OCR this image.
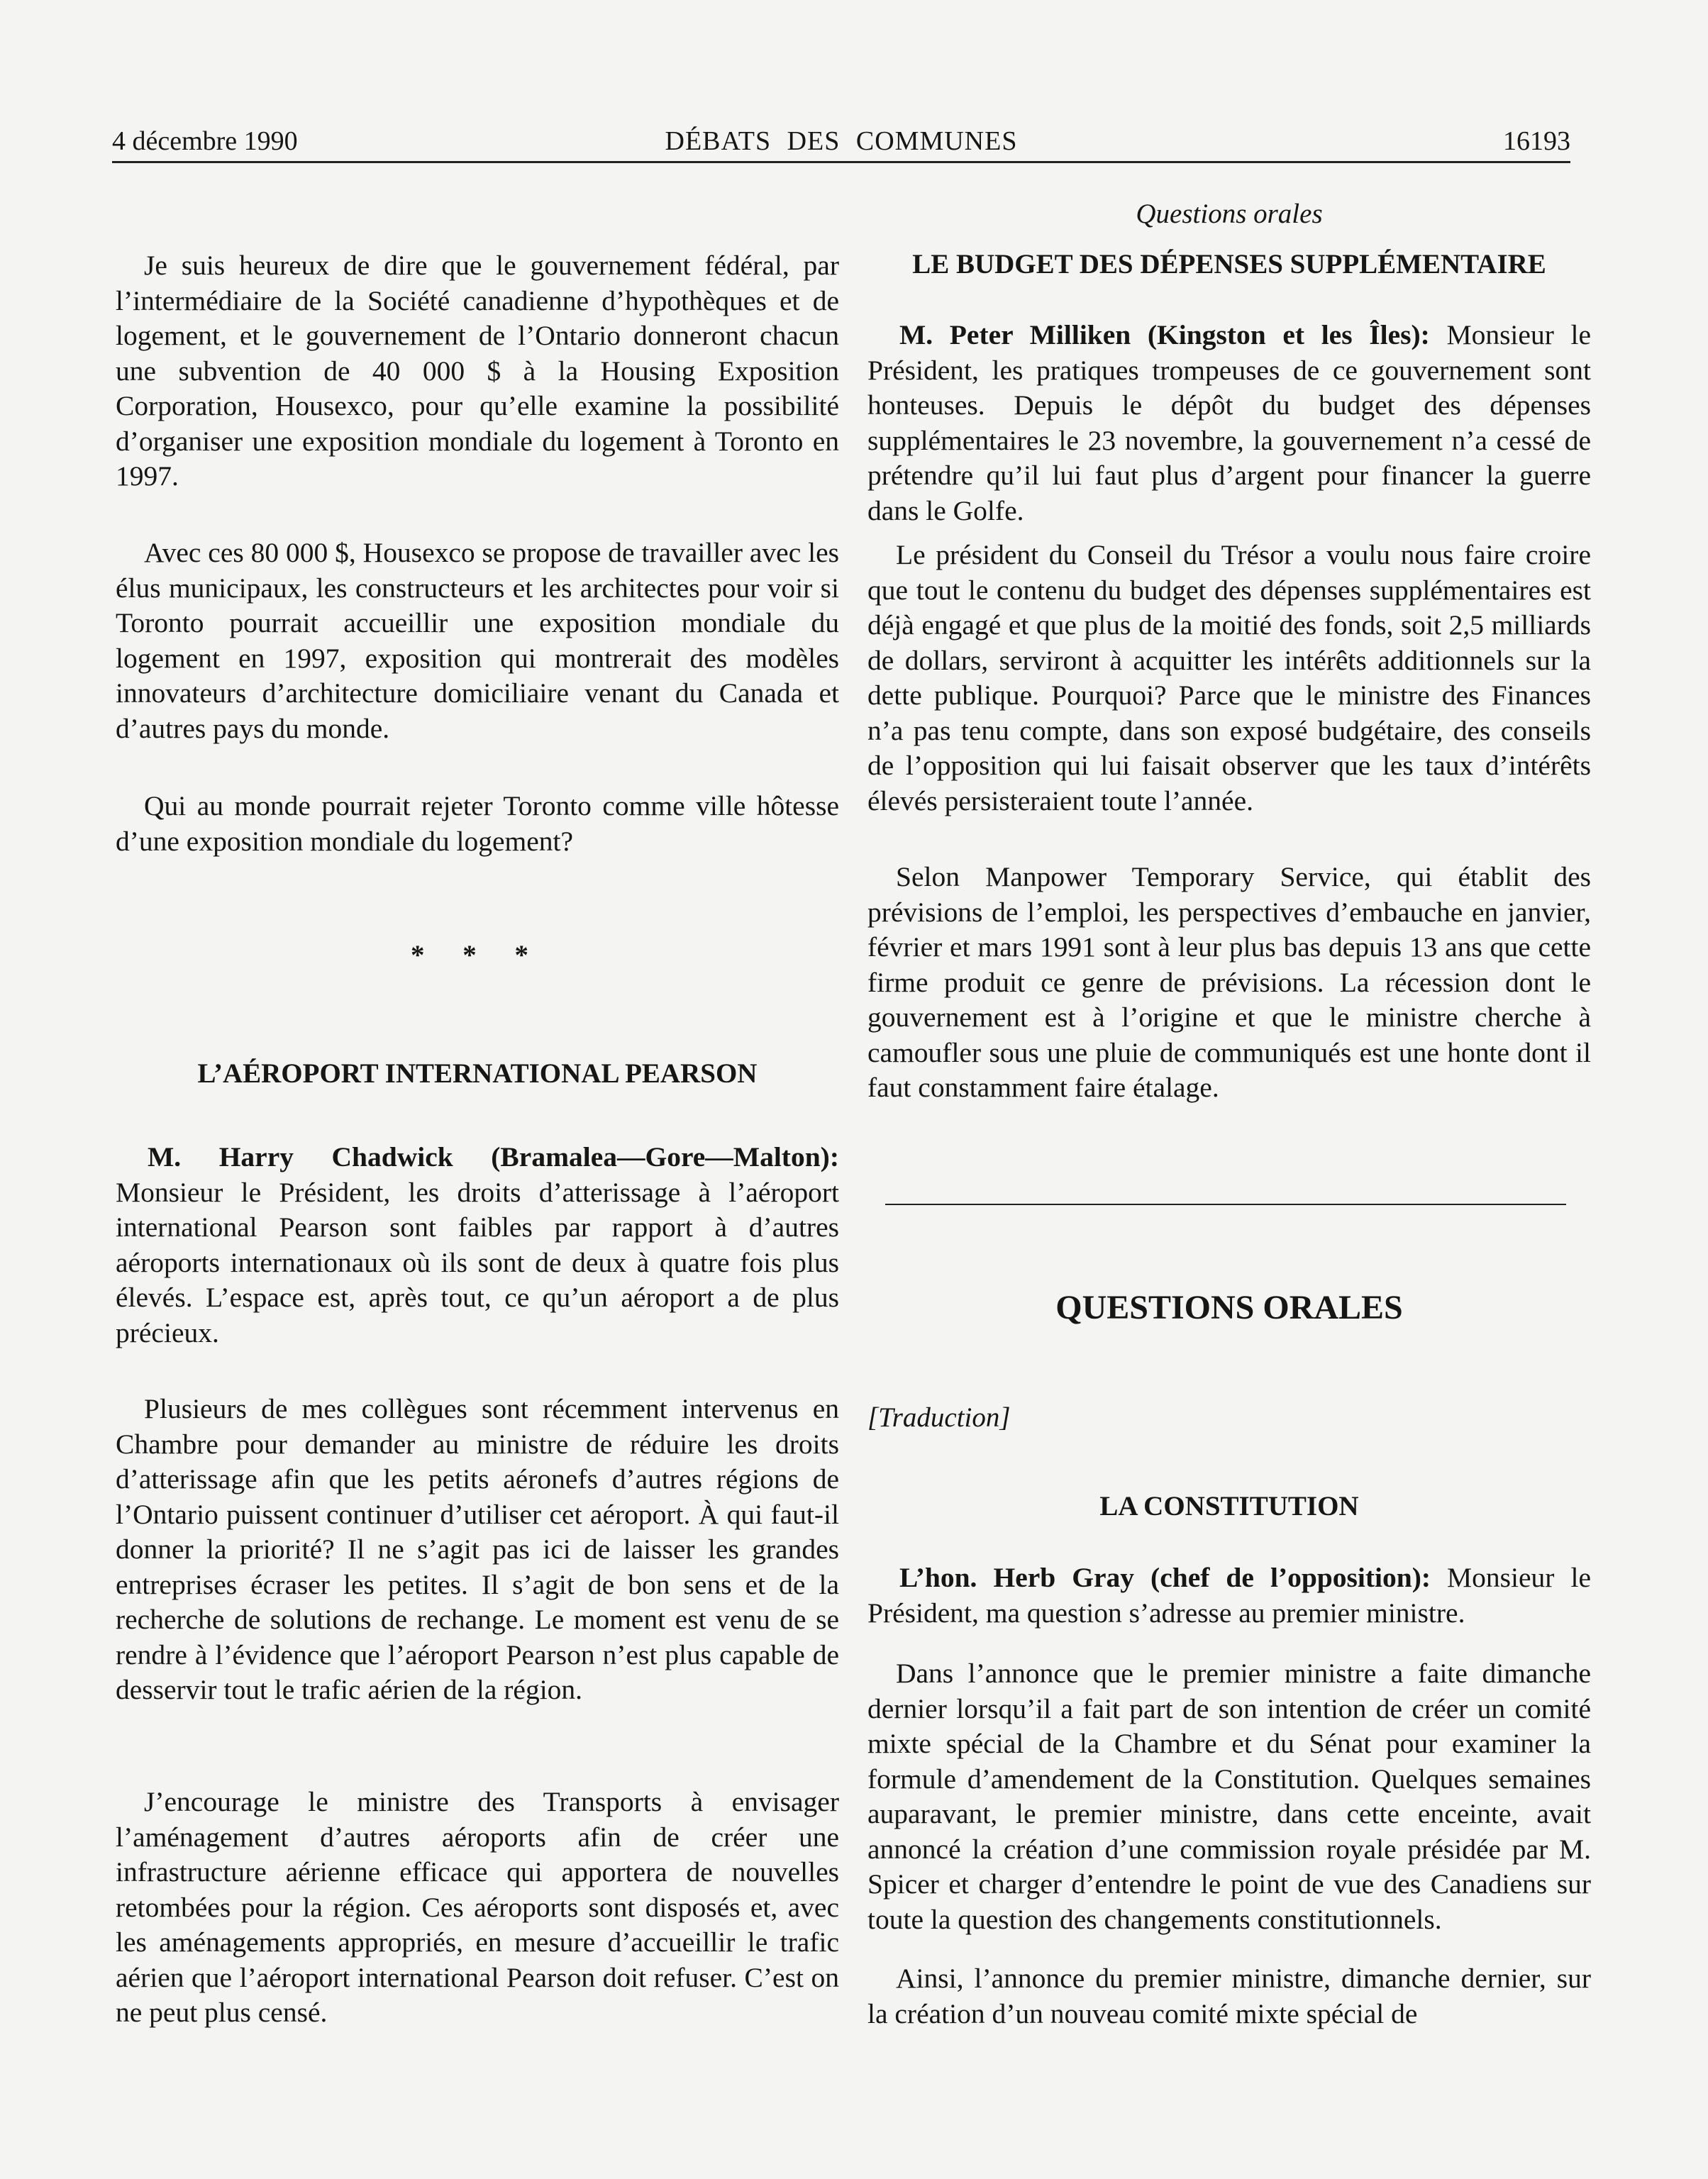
4 décembre 1990	DÉBATS DES COMMUNES	16193

Je suis heureux de dire que le gouvernement fédéral, par l’intermédiaire de la Société canadienne d’hypothèques et de logement, et le gouvernement de l’Ontario donneront chacun une subvention de 40 000 $ à la Housing Exposition Corporation, Housexco, pour qu’elle examine la possibilité d’organiser une exposition mondiale du logement à Toronto en 1997.

Avec ces 80 000 $, Housexco se propose de travailler avec les élus municipaux, les constructeurs et les architectes pour voir si Toronto pourrait accueillir une exposition mondiale du logement en 1997, exposition qui montrerait des modèles innovateurs d’architecture domiciliaire venant du Canada et d’autres pays du monde.

Qui au monde pourrait rejeter Toronto comme ville hôtesse d’une exposition mondiale du logement?

* * *
L’AÉROPORT INTERNATIONAL PEARSON

M. Harry Chadwick (Bramalea—Gore—Malton): Monsieur le Président, les droits d’atterissage à l’aéroport international Pearson sont faibles par rapport à d’autres aéroports internationaux où ils sont de deux à quatre fois plus élevés. L’espace est, après tout, ce qu’un aéroport a de plus précieux.

Plusieurs de mes collègues sont récemment intervenus en Chambre pour demander au ministre de réduire les droits d’atterissage afin que les petits aéronefs d’autres régions de l’Ontario puissent continuer d’utiliser cet aéroport. À qui faut-il donner la priorité? Il ne s’agit pas ici de laisser les grandes entreprises écraser les petites. Il s’agit de bon sens et de la recherche de solutions de rechange. Le moment est venu de se rendre à l’évidence que l’aéroport Pearson n’est plus capable de desservir tout le trafic aérien de la région.

J’encourage le ministre des Transports à envisager l’aménagement d’autres aéroports afin de créer une infrastructure aérienne efficace qui apportera de nouvelles retombées pour la région. Ces aéroports sont disposés et, avec les aménagements appropriés, en mesure d’accueillir le trafic aérien que l’aéroport international Pearson doit refuser. C’est on ne peut plus censé.

Questions orales
LE BUDGET DES DÉPENSES SUPPLÉMENTAIRE

M. Peter Milliken (Kingston et les Îles): Monsieur le Président, les pratiques trompeuses de ce gouvernement sont honteuses. Depuis le dépôt du budget des dépenses supplémentaires le 23 novembre, la gouvernement n’a cessé de prétendre qu’il lui faut plus d’argent pour financer la guerre dans le Golfe.

Le président du Conseil du Trésor a voulu nous faire croire que tout le contenu du budget des dépenses supplémentaires est déjà engagé et que plus de la moitié des fonds, soit 2,5 milliards de dollars, serviront à acquitter les intérêts additionnels sur la dette publique. Pourquoi? Parce que le ministre des Finances n’a pas tenu compte, dans son exposé budgétaire, des conseils de l’opposition qui lui faisait observer que les taux d’intérêts élevés persisteraient toute l’année.

Selon Manpower Temporary Service, qui établit des prévisions de l’emploi, les perspectives d’embauche en janvier, février et mars 1991 sont à leur plus bas depuis 13 ans que cette firme produit ce genre de prévisions. La récession dont le gouvernement est à l’origine et que le ministre cherche à camoufler sous une pluie de communiqués est une honte dont il faut constamment faire étalage.

QUESTIONS ORALES
[Traduction]
LA CONSTITUTION

L’hon. Herb Gray (chef de l’opposition): Monsieur le Président, ma question s’adresse au premier ministre.

Dans l’annonce que le premier ministre a faite dimanche dernier lorsqu’il a fait part de son intention de créer un comité mixte spécial de la Chambre et du Sénat pour examiner la formule d’amendement de la Constitution. Quelques semaines auparavant, le premier ministre, dans cette enceinte, avait annoncé la création d’une commission royale présidée par M. Spicer et charger d’entendre le point de vue des Canadiens sur toute la question des changements constitutionnels.

Ainsi, l’annonce du premier ministre, dimanche dernier, sur la création d’un nouveau comité mixte spécial de
